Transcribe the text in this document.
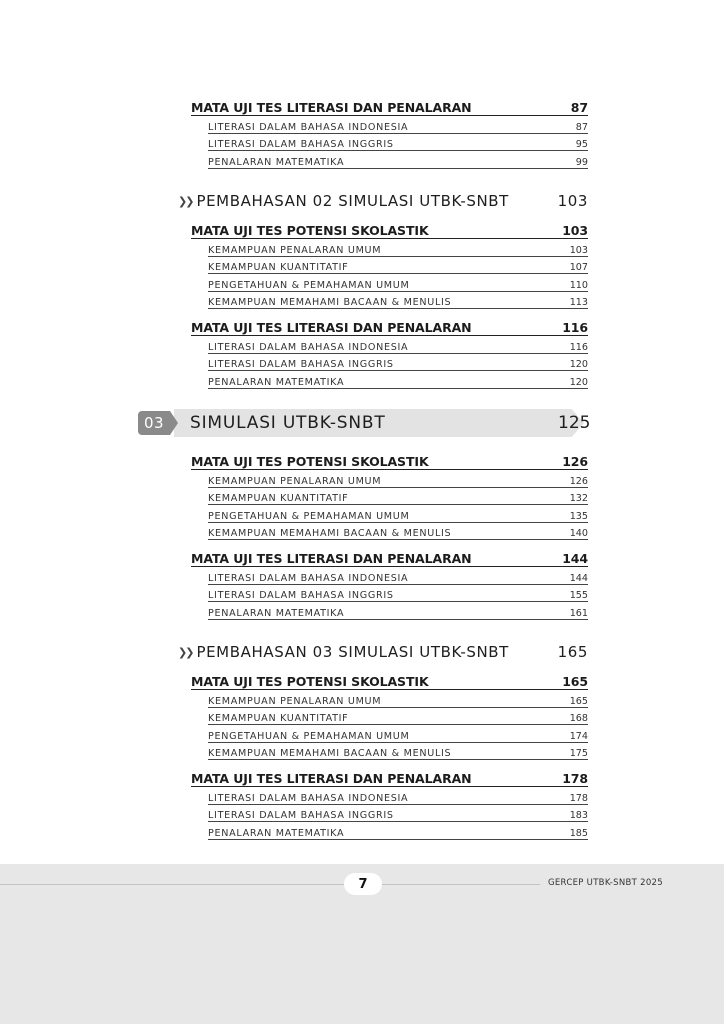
MATA UJI TES LITERASI DAN PENALARAN	87
LITERASI DALAM BAHASA INDONESIA	87
LITERASI DALAM BAHASA INGGRIS	95
PENALARAN MATEMATIKA	99
❯❯ PEMBAHASAN 02 SIMULASI UTBK-SNBT	103
MATA UJI TES POTENSI SKOLASTIK	103
KEMAMPUAN PENALARAN UMUM	103
KEMAMPUAN KUANTITATIF	107
PENGETAHUAN & PEMAHAMAN UMUM	110
KEMAMPUAN MEMAHAMI BACAAN & MENULIS	113
MATA UJI TES LITERASI DAN PENALARAN	116
LITERASI DALAM BAHASA INDONESIA	116
LITERASI DALAM BAHASA INGGRIS	120
PENALARAN MATEMATIKA	120
03	SIMULASI UTBK-SNBT	125
MATA UJI TES POTENSI SKOLASTIK	126
KEMAMPUAN PENALARAN UMUM	126
KEMAMPUAN KUANTITATIF	132
PENGETAHUAN & PEMAHAMAN UMUM	135
KEMAMPUAN MEMAHAMI BACAAN & MENULIS	140
MATA UJI TES LITERASI DAN PENALARAN	144
LITERASI DALAM BAHASA INDONESIA	144
LITERASI DALAM BAHASA INGGRIS	155
PENALARAN MATEMATIKA	161
❯❯ PEMBAHASAN 03 SIMULASI UTBK-SNBT	165
MATA UJI TES POTENSI SKOLASTIK	165
KEMAMPUAN PENALARAN UMUM	165
KEMAMPUAN KUANTITATIF	168
PENGETAHUAN & PEMAHAMAN UMUM	174
KEMAMPUAN MEMAHAMI BACAAN & MENULIS	175
MATA UJI TES LITERASI DAN PENALARAN	178
LITERASI DALAM BAHASA INDONESIA	178
LITERASI DALAM BAHASA INGGRIS	183
PENALARAN MATEMATIKA	185
7	GERCEP UTBK-SNBT 2025
